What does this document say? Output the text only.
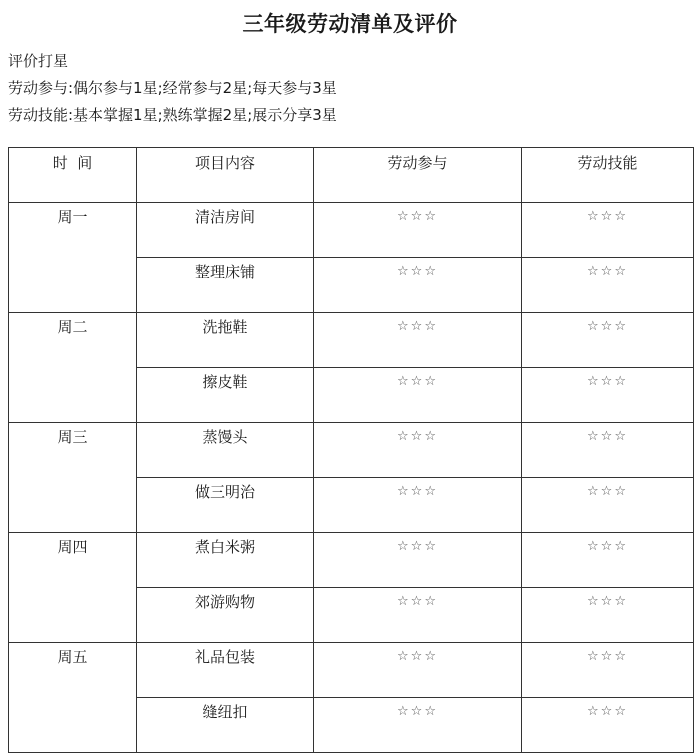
三年级劳动清单及评价
评价打星
劳动参与:偶尔参与1星;经常参与2星;每天参与3星
劳动技能:基本掌握1星;熟练掌握2星;展示分享3星
时  间	项目内容	劳动参与	劳动技能
周一	清洁房间	☆☆☆	☆☆☆
	整理床铺	☆☆☆	☆☆☆
周二	洗拖鞋	☆☆☆	☆☆☆
	擦皮鞋	☆☆☆	☆☆☆
周三	蒸馒头	☆☆☆	☆☆☆
	做三明治	☆☆☆	☆☆☆
周四	煮白米粥	☆☆☆	☆☆☆
	郊游购物	☆☆☆	☆☆☆
周五	礼品包装	☆☆☆	☆☆☆
	缝纽扣	☆☆☆	☆☆☆
